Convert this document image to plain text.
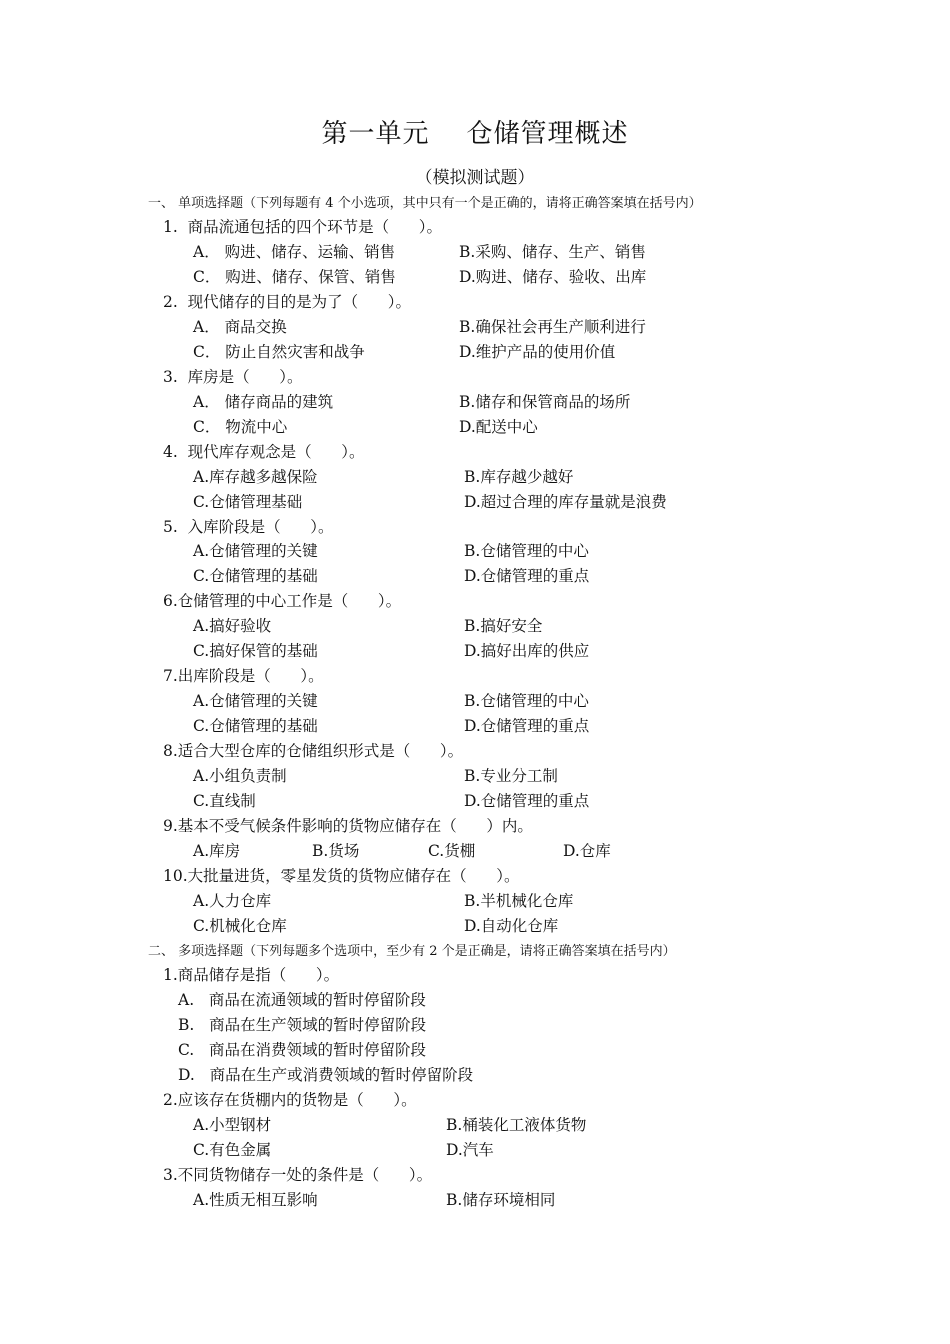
第一单元    仓储管理概述
（模拟测试题）
一、 单项选择题（下列每题有 4 个小选项，其中只有一个是正确的，请将正确答案填在括号内）
1.  商品流通包括的四个环节是（      ）。
A． 购进、储存、运输、销售	B.采购、储存、生产、销售
C． 购进、储存、保管、销售	D.购进、储存、验收、出库
2.  现代储存的目的是为了（      ）。
A． 商品交换	B.确保社会再生产顺利进行
C． 防止自然灾害和战争	D.维护产品的使用价值
3.  库房是（      ）。
A． 储存商品的建筑	B.储存和保管商品的场所
C． 物流中心	D.配送中心
4.  现代库存观念是（      ）。
A.库存越多越保险	B.库存越少越好
C.仓储管理基础	D.超过合理的库存量就是浪费
5.  入库阶段是（      ）。
A.仓储管理的关键	B.仓储管理的中心
C.仓储管理的基础	D.仓储管理的重点
6.仓储管理的中心工作是（      ）。
A.搞好验收	B.搞好安全
C.搞好保管的基础	D.搞好出库的供应
7.出库阶段是（      ）。
A.仓储管理的关键	B.仓储管理的中心
C.仓储管理的基础	D.仓储管理的重点
8.适合大型仓库的仓储组织形式是（      ）。
A.小组负责制	B.专业分工制
C.直线制	D.仓储管理的重点
9.基本不受气候条件影响的货物应储存在（      ）内。
A.库房	B.货场	C.货棚	D.仓库
10.大批量进货，零星发货的货物应储存在（      ）。
A.人力仓库	B.半机械化仓库
C.机械化仓库	D.自动化仓库
二、 多项选择题（下列每题多个选项中，至少有 2 个是正确是，请将正确答案填在括号内）
1.商品储存是指（      ）。
A.   商品在流通领域的暂时停留阶段
B.   商品在生产领域的暂时停留阶段
C.   商品在消费领域的暂时停留阶段
D.   商品在生产或消费领域的暂时停留阶段
2.应该存在货棚内的货物是（      ）。
A.小型钢材	B.桶装化工液体货物
C.有色金属	D.汽车
3.不同货物储存一处的条件是（      ）。
A.性质无相互影响	B.储存环境相同
